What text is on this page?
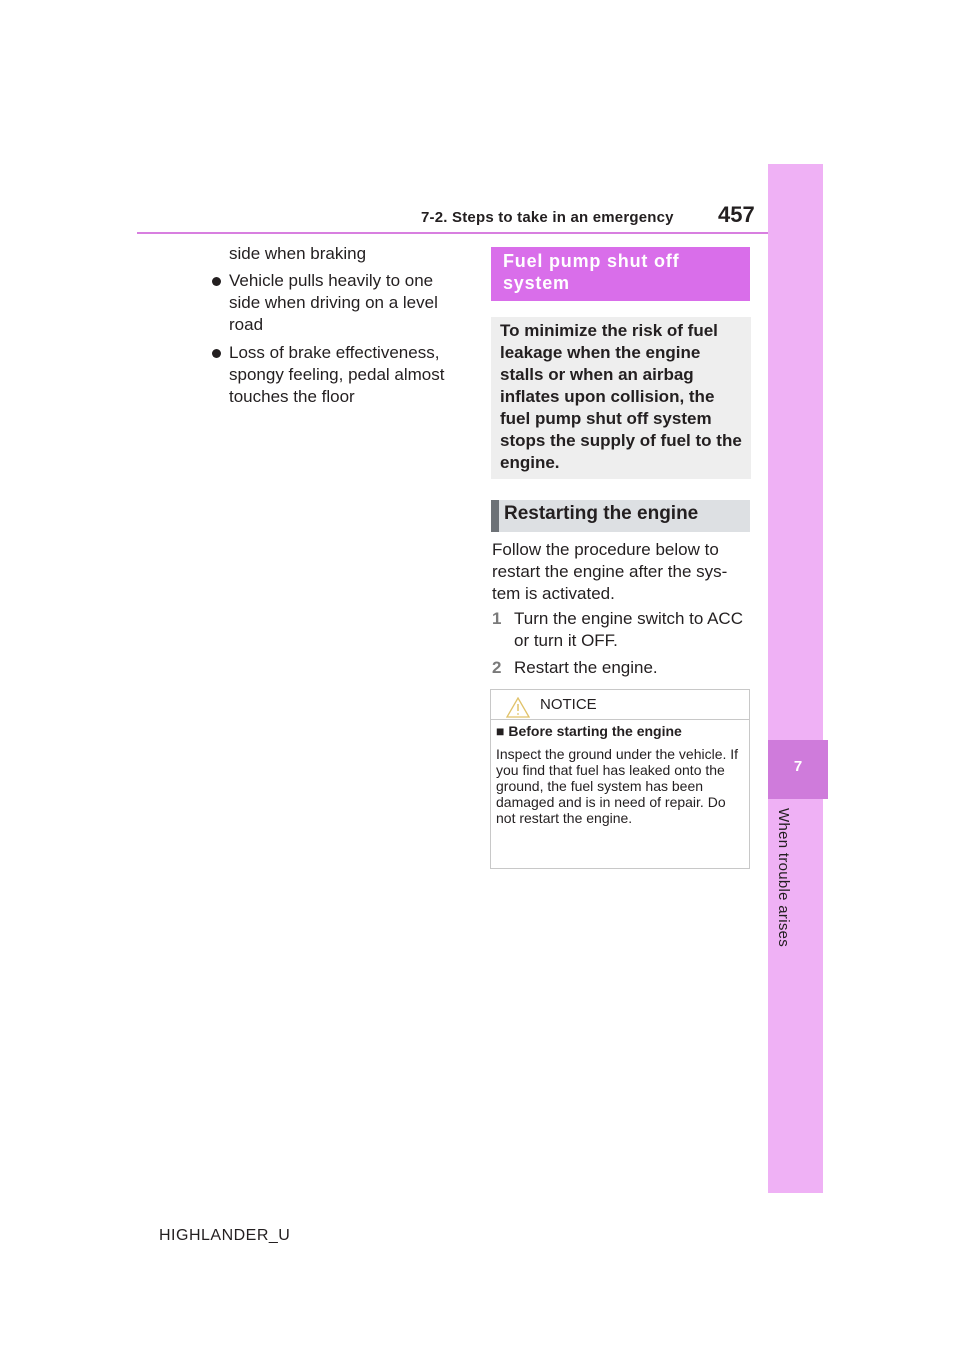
7-2. Steps to take in an emergency 457
7
When trouble arises
side when braking
Vehicle pulls heavily to one side when driving on a level road
Loss of brake effectiveness, spongy feeling, pedal almost touches the floor
Fuel pump shut off system
To minimize the risk of fuel leakage when the engine stalls or when an airbag inflates upon collision, the fuel pump shut off system stops the supply of fuel to the engine.
Restarting the engine
Follow the procedure below to restart the engine after the sys- tem is activated.
1 Turn the engine switch to ACC or turn it OFF.
2 Restart the engine.
NOTICE
■ Before starting the engine
Inspect the ground under the vehicle. If you find that fuel has leaked onto the ground, the fuel system has been damaged and is in need of repair. Do not restart the engine.
HIGHLANDER_U
